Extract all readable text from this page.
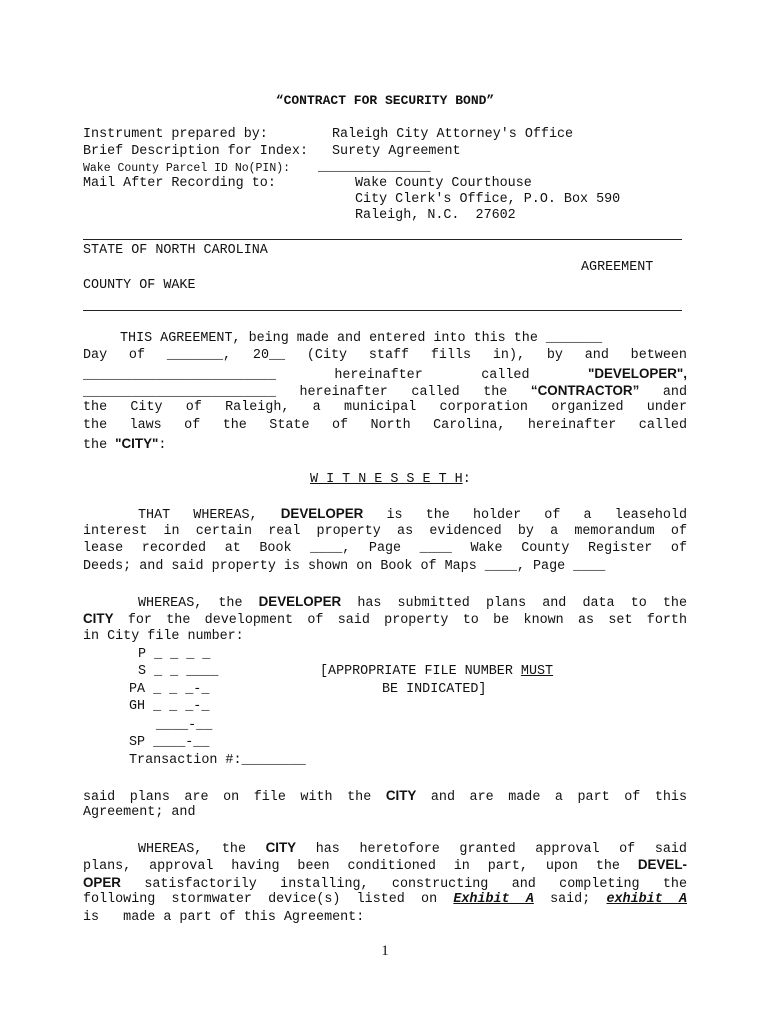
“CONTRACT FOR SECURITY BOND”
Instrument prepared by:	Raleigh City Attorney's Office
Brief Description for Index: Surety Agreement
Wake County Parcel ID No(PIN): ______________
Mail After Recording to:	Wake County Courthouse
City Clerk's Office, P.O. Box 590
Raleigh, N.C.  27602
STATE OF NORTH CAROLINA
AGREEMENT
COUNTY OF WAKE
THIS AGREEMENT, being made and entered into this the _______
Day of _______, 20__ (City staff fills in), by and between
________________________	hereinafter	called	"DEVELOPER",
________________________ hereinafter called the “CONTRACTOR” and
the City of Raleigh, a municipal corporation organized under
the laws of the State of North Carolina, hereinafter called
the "CITY":
W I T N E S S E T H:
THAT WHEREAS, DEVELOPER is the holder of a leasehold
interest in certain real property as evidenced by a memorandum of
lease recorded at Book ____, Page ____ Wake County Register of
Deeds; and said property is shown on Book of Maps ____, Page ____
WHEREAS, the DEVELOPER has submitted plans and data to the
CITY for the development of said property to be known as set forth
in City file number:
P _ _ _ _
S _ _ ____	[APPROPRIATE FILE NUMBER MUST
PA _ _ _-_	BE INDICATED]
GH _ _ _-_
____-__
SP ____-__
Transaction #:________
said plans are on file with the CITY and are made a part of this
Agreement; and
WHEREAS, the CITY has heretofore granted approval of said
plans, approval having been conditioned in part, upon the DEVEL-
OPER satisfactorily installing, constructing and completing the
following stormwater device(s) listed on Exhibit A said; exhibit A
is   made a part of this Agreement:
1
